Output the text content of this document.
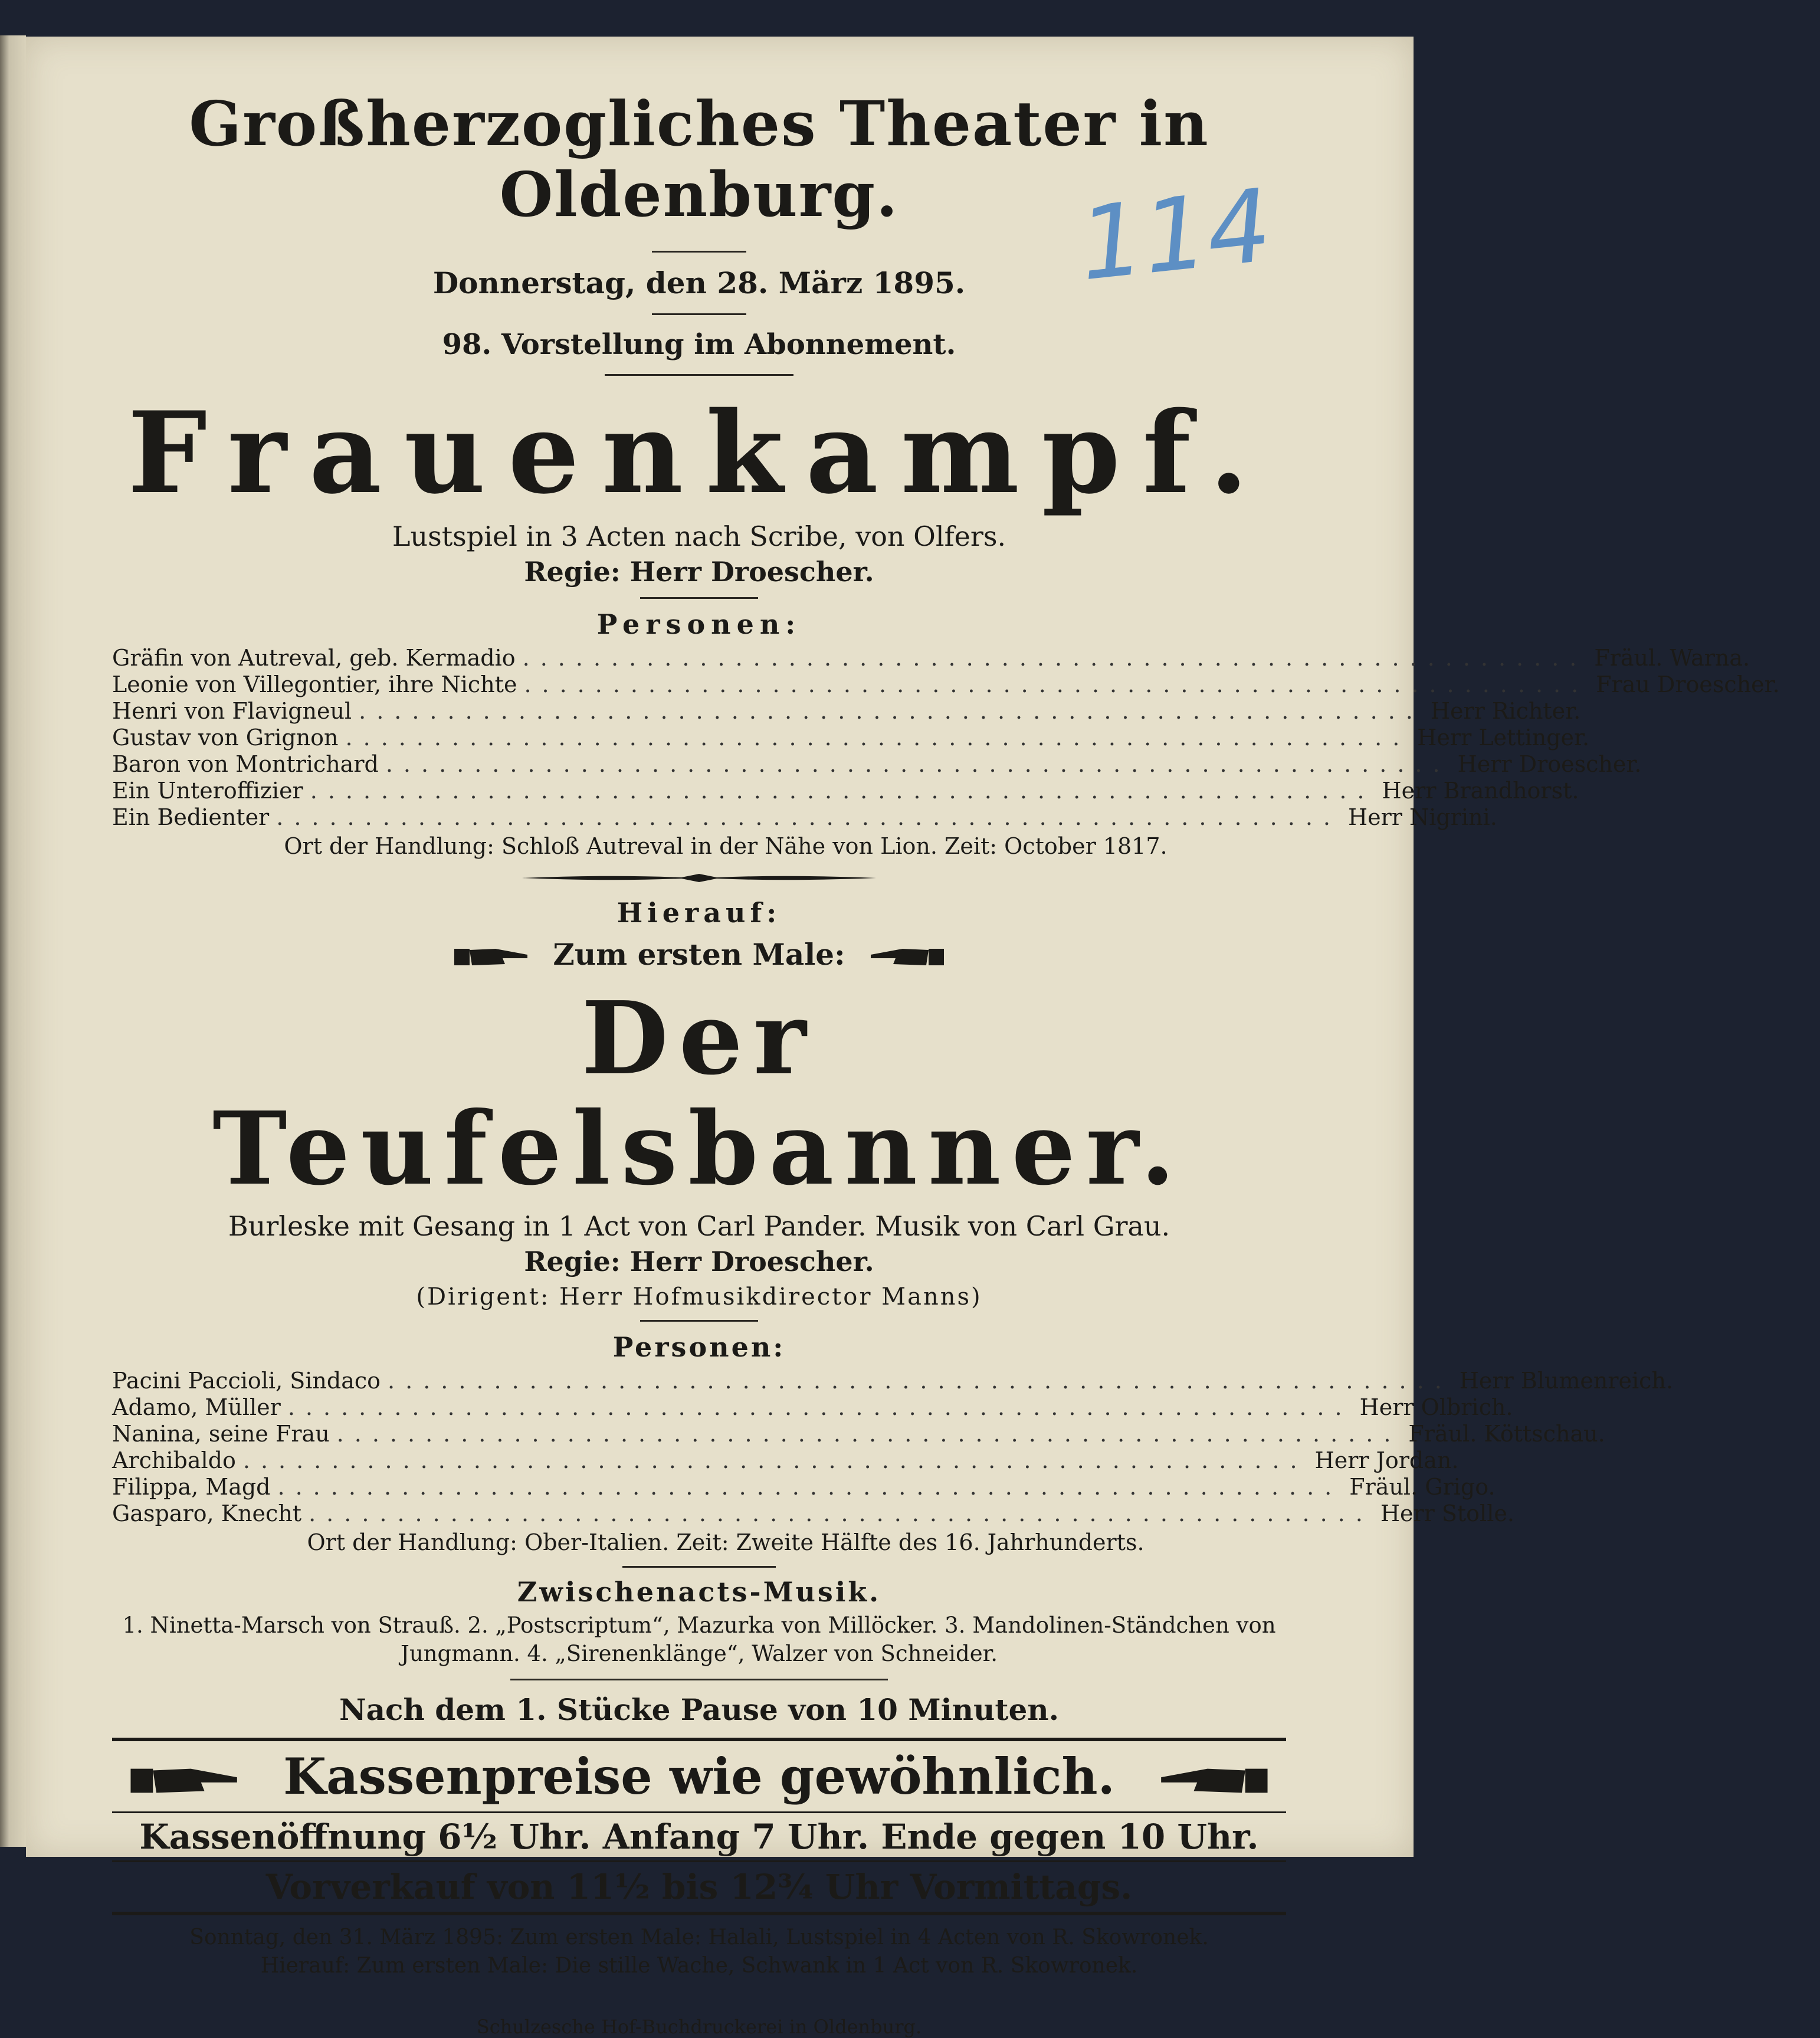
114
Großherzogliches Theater in Oldenburg.
Donnerstag, den 28. März 1895.
98. Vorstellung im Abonnement.
Frauenkampf.
Lustspiel in 3 Acten nach Scribe, von Olfers.
Regie: Herr Droescher.
Personen:
Gräfin von Autreval, geb. Kermadio ............................................................ Fräul. Warna.
Leonie von Villegontier, ihre Nichte ............................................................ Frau Droescher.
Henri von Flavigneul ............................................................ Herr Richter.
Gustav von Grignon ............................................................ Herr Lettinger.
Baron von Montrichard ............................................................ Herr Droescher.
Ein Unteroffizier ............................................................ Herr Brandhorst.
Ein Bedienter ............................................................ Herr Nigrini.
Ort der Handlung: Schloß Autreval in der Nähe von Lion. Zeit: October 1817.
Hierauf:
Zum ersten Male:
Der Teufelsbanner.
Burleske mit Gesang in 1 Act von Carl Pander. Musik von Carl Grau.
Regie: Herr Droescher.
(Dirigent: Herr Hofmusikdirector Manns)
Personen:
Pacini Paccioli, Sindaco ............................................................ Herr Blumenreich.
Adamo, Müller ............................................................ Herr Olbrich.
Nanina, seine Frau ............................................................ Fräul. Köttschau.
Archibaldo ............................................................ Herr Jordan.
Filippa, Magd ............................................................ Fräul. Grigo.
Gasparo, Knecht ............................................................ Herr Stolle.
Ort der Handlung: Ober-Italien. Zeit: Zweite Hälfte des 16. Jahrhunderts.
Zwischenacts-Musik.
1. Ninetta-Marsch von Strauß. 2. „Postscriptum“, Mazurka von Millöcker. 3. Mandolinen-Ständchen von
Jungmann. 4. „Sirenenklänge“, Walzer von Schneider.
Nach dem 1. Stücke Pause von 10 Minuten.
Kassenpreise wie gewöhnlich.
Kassenöffnung 6½ Uhr. Anfang 7 Uhr. Ende gegen 10 Uhr.
Vorverkauf von 11½ bis 12¾ Uhr Vormittags.
Sonntag, den 31. März 1895: Zum ersten Male: Halali, Lustspiel in 4 Acten von R. Skowronek.
Hierauf: Zum ersten Male: Die stille Wache, Schwank in 1 Act von R. Skowronek.
Schulzesche Hof-Buchdruckerei in Oldenburg.
